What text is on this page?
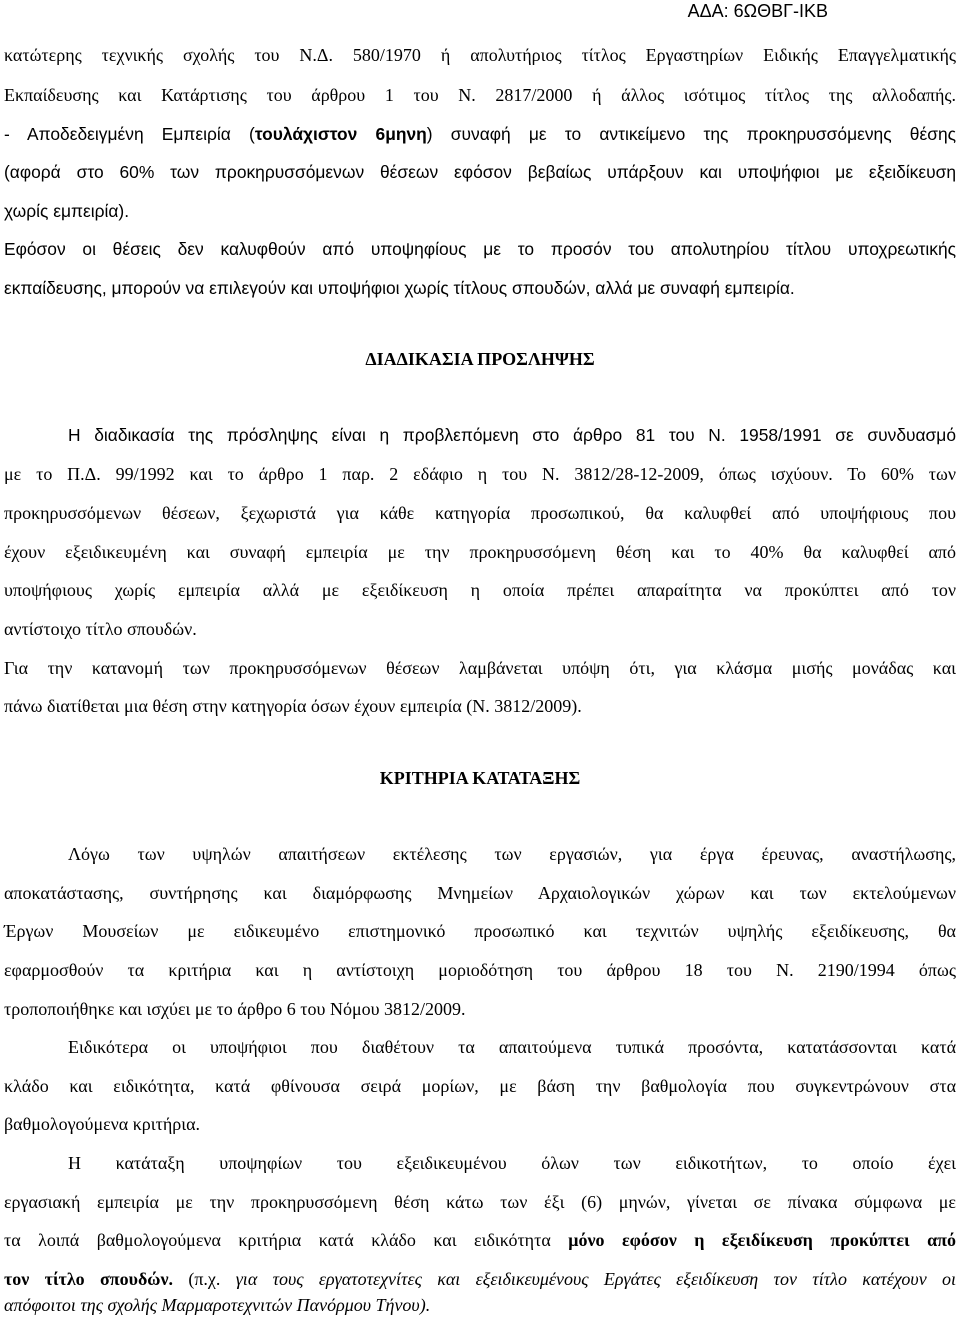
ΑΔΑ: 6ΩΘΒΓ-ΙΚΒ
κατώτερης τεχνικής σχολής του Ν.Δ. 580/1970 ή απολυτήριος τίτλος Εργαστηρίων Ειδικής Επαγγελματικής
Εκπαίδευσης και Κατάρτισης του άρθρου 1 του Ν. 2817/2000 ή άλλος ισότιμος τίτλος της αλλοδαπής.
- Αποδεδειγμένη Εμπειρία (τουλάχιστον 6μηνη) συναφή με το αντικείμενο της προκηρυσσόμενης θέσης
(αφορά στο 60% των προκηρυσσόμενων θέσεων εφόσον βεβαίως υπάρξουν και υποψήφιοι με εξειδίκευση
χωρίς εμπειρία).
Εφόσον οι θέσεις δεν καλυφθούν από υποψηφίους με το προσόν του απολυτηρίου τίτλου υποχρεωτικής
εκπαίδευσης, μπορούν να επιλεγούν και υποψήφιοι χωρίς τίτλους σπουδών, αλλά με συναφή εμπειρία.
ΔΙΑΔΙΚΑΣΙΑ ΠΡΟΣΛΗΨΗΣ
Η διαδικασία της πρόσληψης είναι η προβλεπόμενη στο άρθρο 81 του Ν. 1958/1991 σε συνδυασμό
με το Π.Δ. 99/1992 και το άρθρο 1 παρ. 2 εδάφιο η του Ν. 3812/28-12-2009, όπως ισχύουν. Το 60% των
προκηρυσσόμενων θέσεων, ξεχωριστά για κάθε κατηγορία προσωπικού, θα καλυφθεί από υποψήφιους που
έχουν εξειδικευμένη και συναφή εμπειρία με την προκηρυσσόμενη θέση και το 40% θα καλυφθεί από
υποψήφιους χωρίς εμπειρία αλλά με εξειδίκευση η οποία πρέπει απαραίτητα να προκύπτει από τον
αντίστοιχο τίτλο σπουδών.
Για την κατανομή των προκηρυσσόμενων θέσεων λαμβάνεται υπόψη ότι, για κλάσμα μισής μονάδας και
πάνω διατίθεται μια θέση στην κατηγορία όσων έχουν εμπειρία (Ν. 3812/2009).
ΚΡΙΤΗΡΙΑ ΚΑΤΑΤΑΞΗΣ
Λόγω των υψηλών απαιτήσεων εκτέλεσης των εργασιών, για έργα έρευνας, αναστήλωσης,
αποκατάστασης, συντήρησης και διαμόρφωσης Μνημείων Αρχαιολογικών χώρων και των εκτελούμενων
Έργων Μουσείων με ειδικευμένο επιστημονικό προσωπικό και τεχνιτών υψηλής εξειδίκευσης, θα
εφαρμοσθούν τα κριτήρια και η αντίστοιχη μοριοδότηση του άρθρου 18 του Ν. 2190/1994 όπως
τροποποιήθηκε και ισχύει με το άρθρο 6 του Νόμου 3812/2009.
Ειδικότερα οι υποψήφιοι που διαθέτουν τα απαιτούμενα τυπικά προσόντα, κατατάσσονται κατά
κλάδο και ειδικότητα, κατά φθίνουσα σειρά μορίων, με βάση την βαθμολογία που συγκεντρώνουν στα
βαθμολογούμενα κριτήρια.
Η κατάταξη υποψηφίων του εξειδικευμένου όλων των ειδικοτήτων, το οποίο έχει
εργασιακή εμπειρία με την προκηρυσσόμενη θέση κάτω των έξι (6) μηνών, γίνεται σε πίνακα σύμφωνα με
τα λοιπά βαθμολογούμενα κριτήρια κατά κλάδο και ειδικότητα μόνο εφόσον η εξειδίκευση προκύπτει από
τον τίτλο σπουδών. (π.χ. για τους εργατοτεχνίτες και εξειδικευμένους Εργάτες εξειδίκευση τον τίτλο κατέχουν οι
απόφοιτοι της σχολής Μαρμαροτεχνιτών Πανόρμου Τήνου).
